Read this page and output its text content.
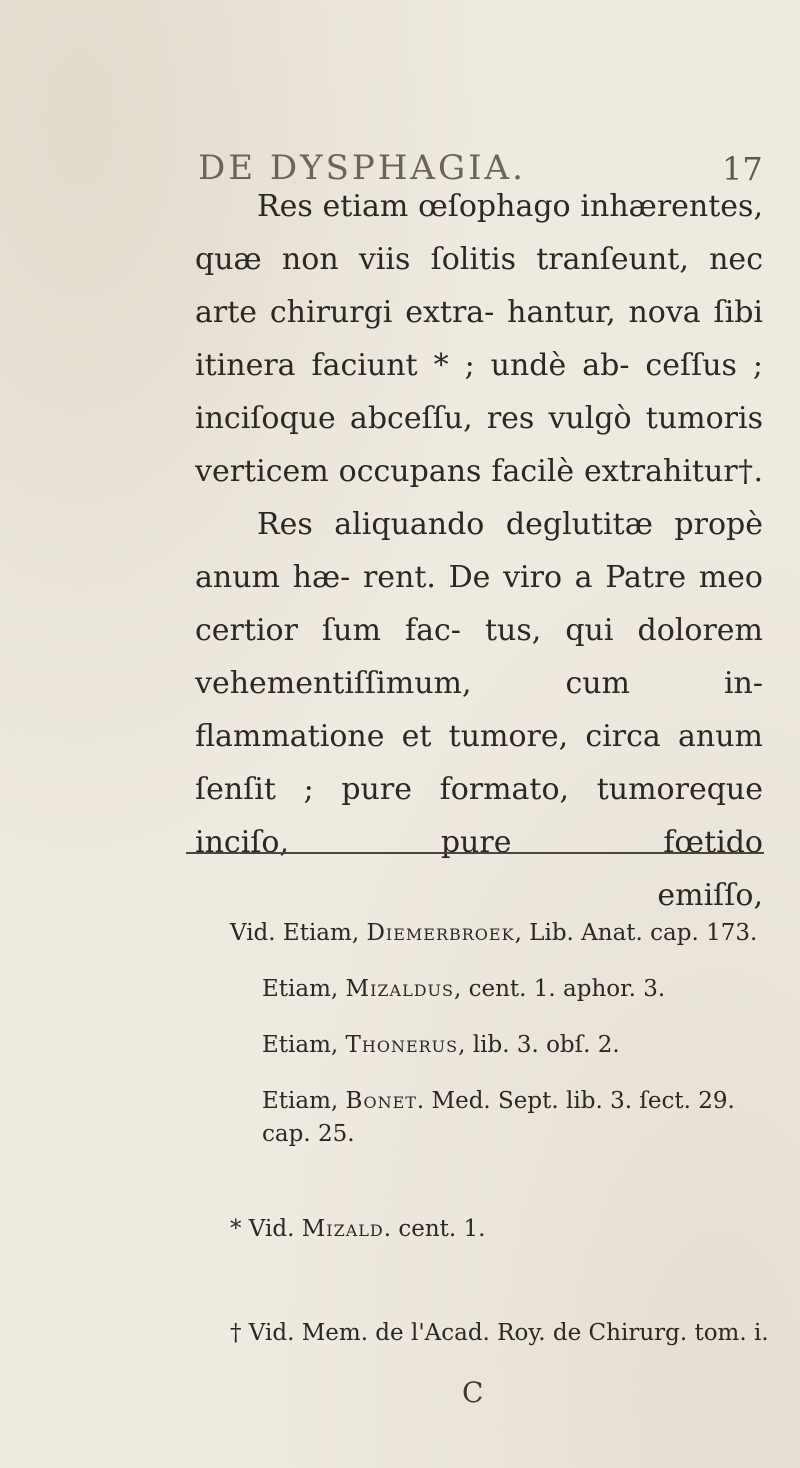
DE DYSPHAGIA.	17

Res etiam œſophago inhærentes, quæ non viis ſolitis tranſeunt, nec arte chirurgi extra- hantur, nova ſibi itinera faciunt * ; undè ab- ceſſus ; inciſoque abceſſu, res vulgò tumoris verticem occupans facilè extrahitur†.

Res aliquando deglutitæ propè anum hæ- rent. De viro a Patre meo certior ſum fac- tus, qui dolorem vehementiſſimum, cum in- flammatione et tumore, circa anum ſenſit ; pure formato, tumoreque inciſo, pure fœtido

emiſſo,

Vid. Etiam, Diemerbroek, Lib. Anat. cap. 173.

Etiam, Mizaldus, cent. 1. aphor. 3.

Etiam, Thonerus, lib. 3. obſ. 2.

Etiam, Bonet. Med. Sept. lib. 3. ſect. 29.

cap. 25.

* Vid. Mizald. cent. 1.

† Vid. Mem. de l'Acad. Roy. de Chirurg. tom. i.

C
